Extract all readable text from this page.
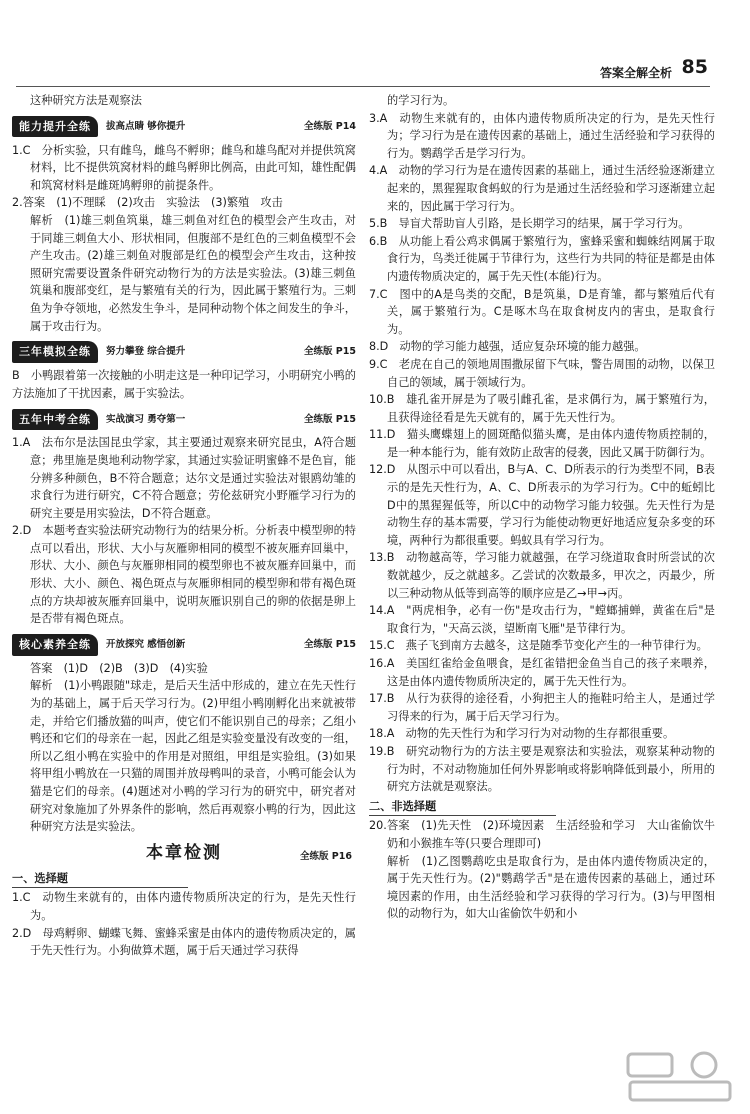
答案全解全析 85

这种研究方法是观察法

能力提升全练	拔高点睛 够你提升	全练版 P14

1.C　分析实验，只有雌鸟，雌鸟不孵卵；雌鸟和雄鸟配对并提供筑窝材料，比不提供筑窝材料的雌鸟孵卵比例高，由此可知，雄性配偶和筑窝材料是雌斑鸠孵卵的前提条件。

2.答案　(1)不理睬　(2)攻击　实验法　(3)繁殖　攻击

解析　(1)雄三刺鱼筑巢，雄三刺鱼对红色的模型会产生攻击，对于同雄三刺鱼大小、形状相同，但腹部不是红色的三刺鱼模型不会产生攻击。(2)雄三刺鱼对腹部是红色的模型会产生攻击，这种按照研究需要设置条件研究动物行为的方法是实验法。(3)雄三刺鱼筑巢和腹部变红，是与繁殖有关的行为，因此属于繁殖行为。三刺鱼为争夺领地，必然发生争斗，是同种动物个体之间发生的争斗，属于攻击行为。

三年模拟全练	努力攀登 综合提升	全练版 P15

B　小鸭跟着第一次接触的小明走这是一种印记学习，小明研究小鸭的方法施加了干扰因素，属于实验法。

五年中考全练	实战演习 勇夺第一	全练版 P15

1.A　法布尔是法国昆虫学家，其主要通过观察来研究昆虫，A符合题意；弗里施是奥地利动物学家，其通过实验证明蜜蜂不是色盲，能分辨多种颜色，B不符合题意；达尔文是通过实验法对银鸥幼雏的求食行为进行研究，C不符合题意；劳伦兹研究小野雁学习行为的研究主要是用实验法，D不符合题意。

2.D　本题考查实验法研究动物行为的结果分析。分析表中模型卵的特点可以看出，形状、大小与灰雁卵相同的模型不被灰雁弃回巢中，形状、大小、颜色与灰雁卵相同的模型卵也不被灰雁弃回巢中，而形状、大小、颜色、褐色斑点与灰雁卵相同的模型卵和带有褐色斑点的方块却被灰雁弃回巢中，说明灰雁识别自己的卵的依据是卵上是否带有褐色斑点。

核心素养全练	开放探究 感悟创新	全练版 P15

答案　(1)D　(2)B　(3)D　(4)实验

解析　(1)小鸭跟随"球走，是后天生活中形成的，建立在先天性行为的基础上，属于后天学习行为。(2)甲组小鸭刚孵化出来就被带走，并给它们播放猫的叫声，使它们不能识别自己的母亲；乙组小鸭还和它们的母亲在一起，因此乙组是实验变量没有改变的一组，所以乙组小鸭在实验中的作用是对照组，甲组是实验组。(3)如果将甲组小鸭放在一只猫的周围并放母鸭叫的录音，小鸭可能会认为猫是它们的母亲。(4)题述对小鸭的学习行为的研究中，研究者对研究对象施加了外界条件的影响，然后再观察小鸭的行为，因此这种研究方法是实验法。

本章检测	全练版 P16
一、选择题

1.C　动物生来就有的，由体内遗传物质所决定的行为，是先天性行为。

2.D　母鸡孵卵、蝴蝶飞舞、蜜蜂采蜜是由体内的遗传物质决定的，属于先天性行为。小狗做算术题，属于后天通过学习获得

的学习行为。

3.A　动物生来就有的，由体内遗传物质所决定的行为，是先天性行为；学习行为是在遗传因素的基础上，通过生活经验和学习获得的行为。鹦鹉学舌是学习行为。

4.A　动物的学习行为是在遗传因素的基础上，通过生活经验逐渐建立起来的，黑猩猩取食蚂蚁的行为是通过生活经验和学习逐渐建立起来的，因此属于学习行为。

5.B　导盲犬帮助盲人引路，是长期学习的结果，属于学习行为。

6.B　从功能上看公鸡求偶属于繁殖行为，蜜蜂采蜜和蜘蛛结网属于取食行为，鸟类迁徙属于节律行为，这些行为共同的特征是都是由体内遗传物质决定的，属于先天性(本能)行为。

7.C　图中的A是鸟类的交配，B是筑巢，D是育雏，都与繁殖后代有关，属于繁殖行为。C是啄木鸟在取食树皮内的害虫，是取食行为。

8.D　动物的学习能力越强，适应复杂环境的能力越强。

9.C　老虎在自己的领地周围撒尿留下气味，警告周围的动物，以保卫自己的领域，属于领域行为。

10.B　雄孔雀开屏是为了吸引雌孔雀，是求偶行为，属于繁殖行为，且获得途径看是先天就有的，属于先天性行为。

11.D　猫头鹰蝶翅上的圆斑酷似猫头鹰，是由体内遗传物质控制的，是一种本能行为，能有效防止敌害的侵袭，因此又属于防御行为。

12.D　从图示中可以看出，B与A、C、D所表示的行为类型不同，B表示的是先天性行为，A、C、D所表示的为学习行为。C中的蚯蚓比D中的黑猩猩低等，所以C中的动物学习能力较强。先天性行为是动物生存的基本需要，学习行为能使动物更好地适应复杂多变的环境，两种行为都很重要。蚂蚁具有学习行为。

13.B　动物越高等，学习能力就越强，在学习绕道取食时所尝试的次数就越少，反之就越多。乙尝试的次数最多，甲次之，丙最少，所以三种动物从低等到高等的顺序应是乙→甲→丙。

14.A　"两虎相争，必有一伤"是攻击行为，"螳螂捕蝉，黄雀在后"是取食行为，"天高云淡，望断南飞雁"是节律行为。

15.C　燕子飞到南方去越冬，这是随季节变化产生的一种节律行为。

16.A　美国红雀给金鱼喂食，是红雀错把金鱼当自己的孩子来喂养，这是由体内遗传物质所决定的，属于先天性行为。

17.B　从行为获得的途径看，小狗把主人的拖鞋叼给主人，是通过学习得来的行为，属于后天学习行为。

18.A　动物的先天性行为和学习行为对动物的生存都很重要。

19.B　研究动物行为的方法主要是观察法和实验法，观察某种动物的行为时，不对动物施加任何外界影响或将影响降低到最小，所用的研究方法就是观察法。

二、非选择题

20.答案　(1)先天性　(2)环境因素　生活经验和学习　大山雀偷饮牛奶和小猴推车等(只要合理即可)

解析　(1)乙图鹦鹉吃虫是取食行为，是由体内遗传物质决定的，属于先天性行为。(2)"鹦鹉学舌"是在遗传因素的基础上，通过环境因素的作用，由生活经验和学习获得的学习行为。(3)与甲图相似的动物行为，如大山雀偷饮牛奶和小
